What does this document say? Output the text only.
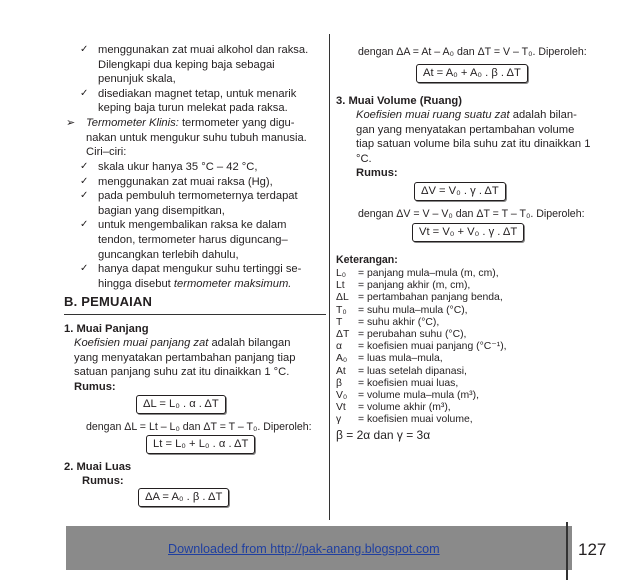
✓ menggunakan zat muai alkohol dan raksa.
Dilengkapi dua keping baja sebagai
penunjuk skala,
✓ disediakan magnet tetap, untuk menarik
keping baja turun melekat pada raksa.
➢ Termometer Klinis: termometer yang digu-
nakan untuk mengukur suhu tubuh manusia.
Ciri–ciri:
✓ skala ukur hanya 35 °C – 42 °C,
✓ menggunakan zat muai raksa (Hg),
✓ pada pembuluh termometernya terdapat
bagian yang disempitkan,
✓ untuk mengembalikan raksa ke dalam
tendon, termometer harus diguncang–
guncangkan terlebih dahulu,
✓ hanya dapat mengukur suhu tertinggi se-
hingga disebut termometer maksimum.
B. PEMUAIAN
1. Muai Panjang
Koefisien muai panjang zat adalah bilangan
yang menyatakan pertambahan panjang tiap
satuan panjang suhu zat itu dinaikkan 1 °C.
Rumus:
ΔL = L₀ . α . ΔT
dengan ΔL = Lt – L₀ dan ΔT = T – T₀. Diperoleh:
Lt = L₀ + L₀ . α . ΔT
2. Muai Luas
Rumus:
ΔA = A₀ . β . ΔT
dengan ΔA = At – A₀ dan ΔT = V – T₀. Diperoleh:
At = A₀ + A₀ . β . ΔT
3. Muai Volume (Ruang)
Koefisien muai ruang suatu zat adalah bilan-
gan yang menyatakan pertambahan volume
tiap satuan volume bila suhu zat itu dinaikkan 1
°C.
Rumus:
ΔV = V₀ . γ . ΔT
dengan ΔV = V – V₀ dan ΔT = T – T₀. Diperoleh:
Vt = V₀ + V₀ . γ . ΔT
Keterangan:
L₀	= panjang mula–mula (m, cm),
Lt	= panjang akhir (m, cm),
ΔL	= pertambahan panjang benda,
T₀	= suhu mula–mula (°C),
T	= suhu akhir (°C),
ΔT	= perubahan suhu (°C),
α	= koefisien muai panjang (°C⁻¹),
A₀	= luas mula–mula,
At	= luas setelah dipanasi,
β	= koefisien muai luas,
V₀	= volume mula–mula (m³),
Vt	= volume akhir (m³),
γ	= koefisien muai volume,
β = 2α dan γ = 3α
Downloaded from http://pak-anang.blogspot.com	127
